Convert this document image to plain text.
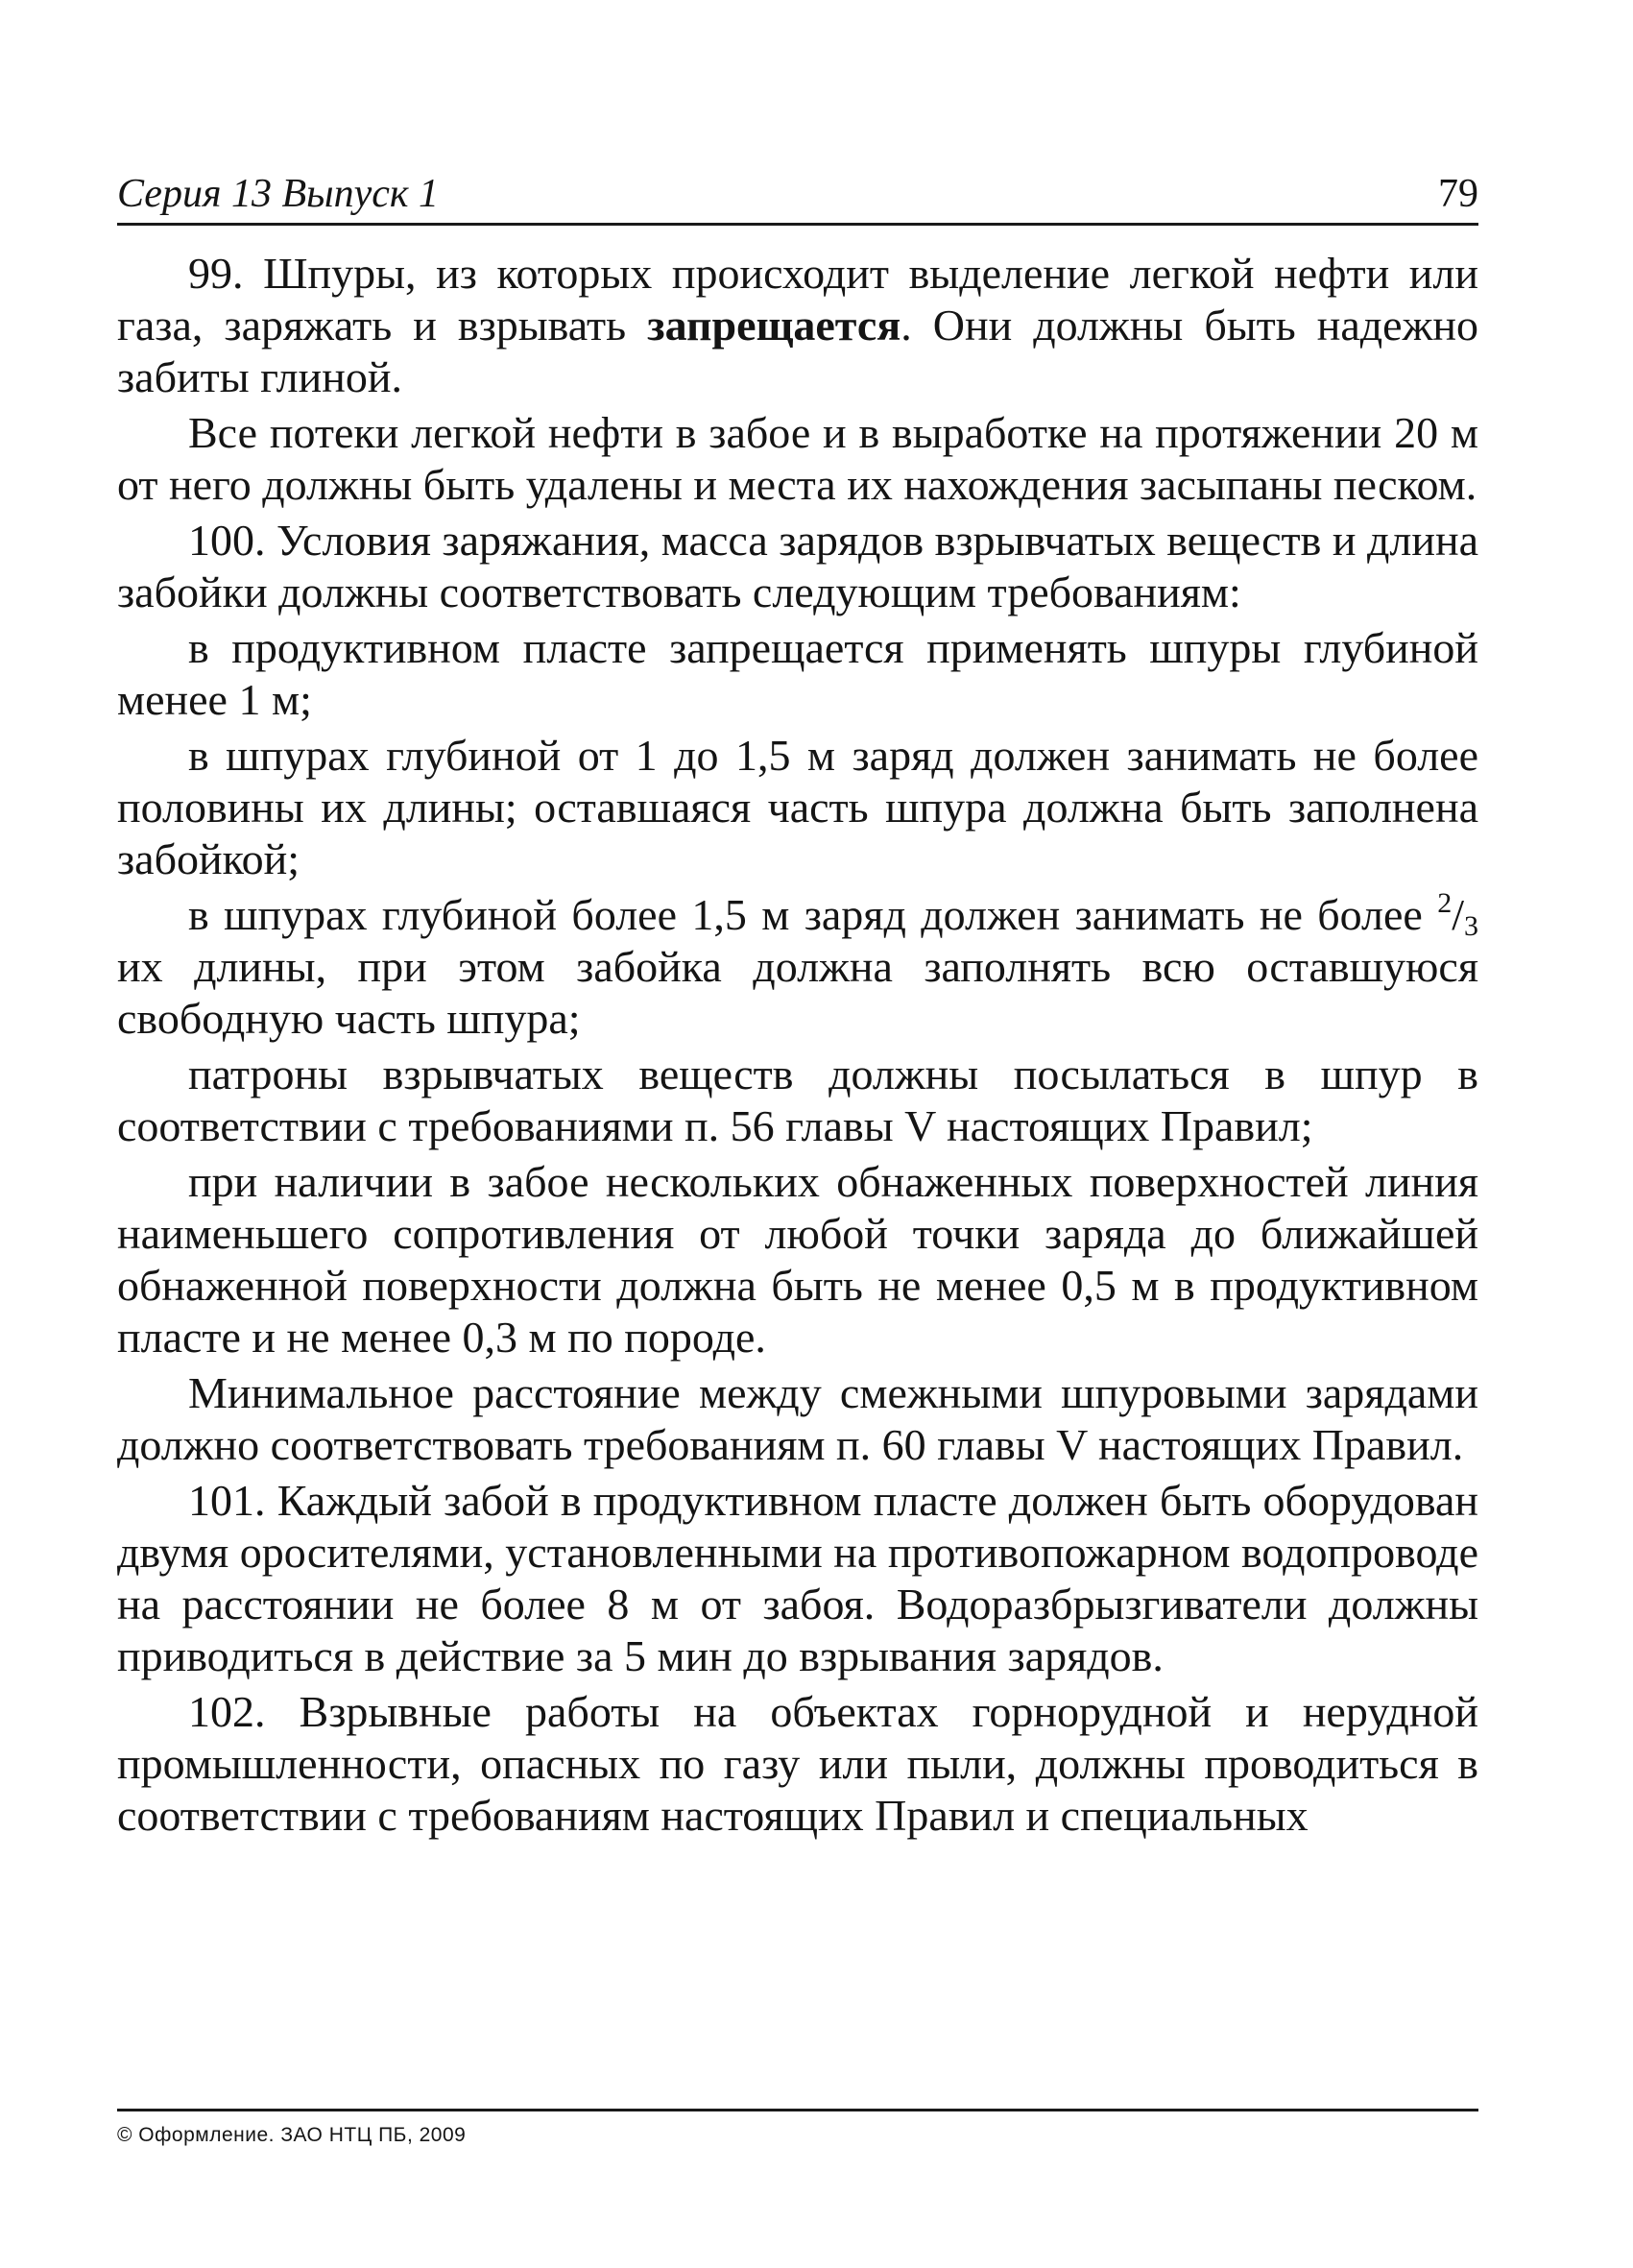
Серия 13 Выпуск 1	79

99. Шпуры, из которых происходит выделение легкой нефти или газа, заряжать и взрывать запрещается. Они должны быть надежно забиты глиной.

Все потеки легкой нефти в забое и в выработке на протяжении 20 м от него должны быть удалены и места их нахождения засыпаны песком.

100. Условия заряжания, масса зарядов взрывчатых веществ и длина забойки должны соответствовать следующим требованиям:

в продуктивном пласте запрещается применять шпуры глубиной менее 1 м;

в шпурах глубиной от 1 до 1,5 м заряд должен занимать не более половины их длины; оставшаяся часть шпура должна быть заполнена забойкой;

в шпурах глубиной более 1,5 м заряд должен занимать не более $^2/_3$ их длины, при этом забойка должна заполнять всю оставшуюся свободную часть шпура;

патроны взрывчатых веществ должны посылаться в шпур в соответствии с требованиями п. 56 главы V настоящих Правил;

при наличии в забое нескольких обнаженных поверхностей линия наименьшего сопротивления от любой точки заряда до ближайшей обнаженной поверхности должна быть не менее 0,5 м в продуктивном пласте и не менее 0,3 м по породе.

Минимальное расстояние между смежными шпуровыми зарядами должно соответствовать требованиям п. 60 главы V настоящих Правил.

101. Каждый забой в продуктивном пласте должен быть оборудован двумя оросителями, установленными на противопожарном водопроводе на расстоянии не более 8 м от забоя. Водоразбрызгиватели должны приводиться в действие за 5 мин до взрывания зарядов.

102. Взрывные работы на объектах горнорудной и нерудной промышленности, опасных по газу или пыли, должны проводиться в соответствии с требованиям настоящих Правил и специальных

© Оформление. ЗАО НТЦ ПБ, 2009
